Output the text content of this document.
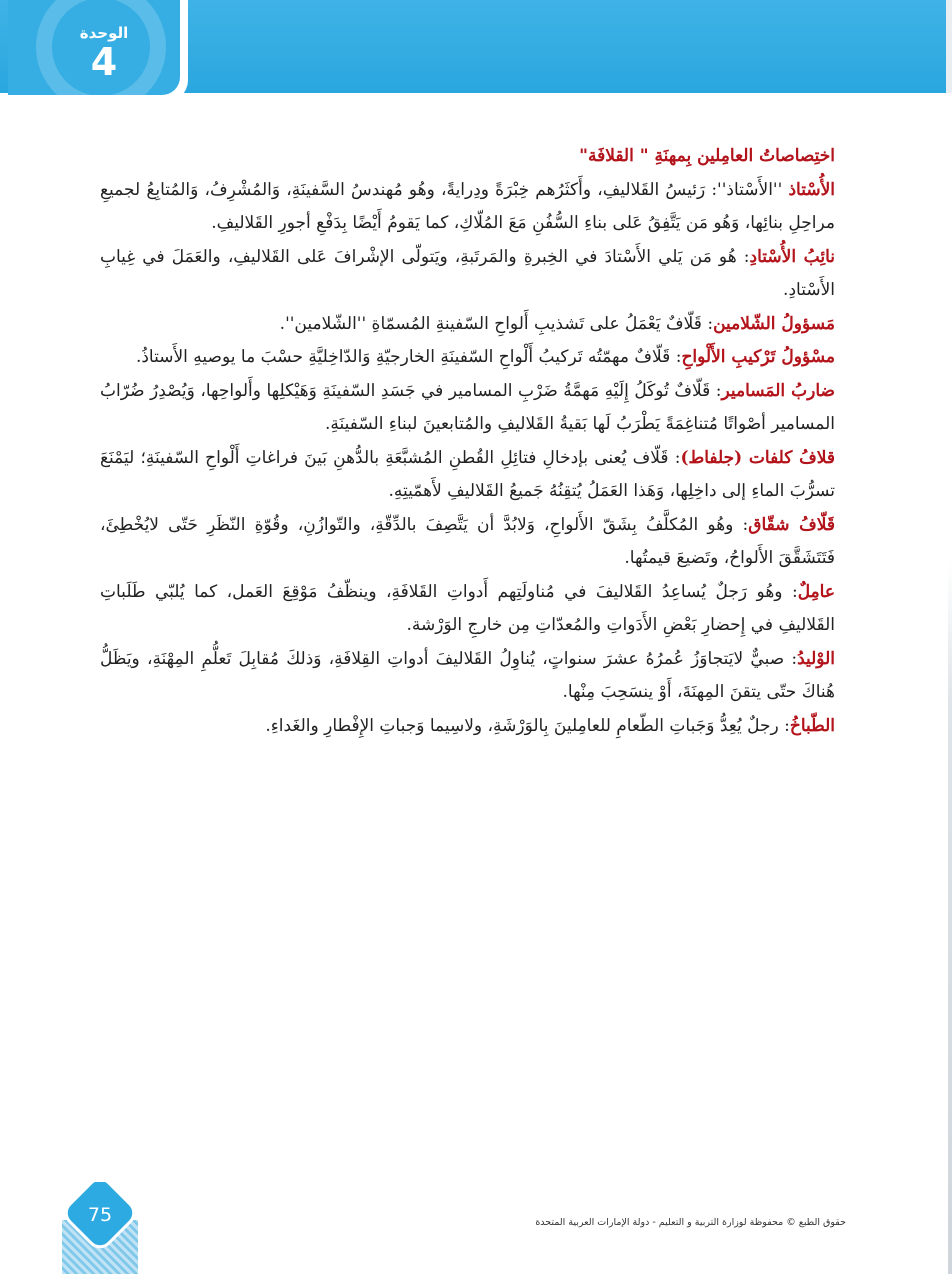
الوحدة
4

اختِصاصاتُ العامِلين بِمهنَةِ " القلافَة"

الأُسْتاذ ''الأَسْتاذ'': رَئيسُ القَلاليفِ، وأَكثَرُهم خِبْرَةً ودِرايةً، وهُو مُهندسُ السَّفينَةِ، وَالمُشْرِفُ، وَالمُتابِعُ لجميعِ مراحِلِ بنائِها، وَهُو مَن يَتَّفِقُ عَلى بناءِ السُّفُنِ مَعَ المُلّاكِ، كما يَقومُ أَيْضًا بِدَفْعِ أجورِ القَلاليفِ.

نائِبُ الأُسْتادِ: هُو مَن يَلي الأَسْتادَ في الخِبرةِ والمَرتَبةِ، ويَتولّى الإشْرافَ عَلى القَلاليفِ، والعَمَلَ في غِيابِ الأَسْتادِ.

مَسؤولُ الشّلامين: قَلّافٌ يَعْمَلُ على تَشذيبِ أَلواحِ السّفينةِ المُسمّاةِ ''الشّلامين''.

مسْؤولُ تَرْكيبِ الأَلْواحِ: قَلّافٌ مهمّتُه تَركيبُ أَلْواحِ السّفينَةِ الخارجيّةِ وَالدّاخِليَّةِ حسْبَ ما يوصيهِ الأَستاذُ.

ضاربُ المَسامير: قَلّافٌ تُوكَلُ إِلَيْهِ مَهمَّةُ ضَرْبِ المسامير في جَسَدِ السّفينَةِ وَهَيْكلِها وأَلواحِها، وَيُصْدِرُ ضُرّابُ المسامير أصْواتًا مُتناغِمَةً يَطْرَبُ لَها بَقيةُ القَلاليفِ والمُتابعينَ لبناءِ السّفينَةِ.

قلافُ كلفات (جلفاط): قَلّاف يُعنى بإدخالِ فتائِلِ القُطنِ المُشبَّعَةِ بالدُّهنِ بَينَ فراغاتِ أَلْواحِ السّفينَةِ؛ ليَمْنَعَ تسرُّبَ الماءِ إلى داخِلِها، وَهَذا العَمَلُ يُتقِنُهُ جَميعُ القَلاليفِ لأَهمّيتِهِ.

قَلّافُ شقّاق: وهُو المُكلَّفُ بِشَقّ الأَلواحِ، وَلابُدَّ أن يَتَّصِفَ بالدِّقّةِ، والتّوازُنِ، وقُوّةِ النّظَرِ حَتّى لايُخْطِئَ، فَتَتَشَقَّقَ الأَلواحُ، وتَضيعَ قيمتُها.

عامِلٌ: وهُو رَجلٌ يُساعِدُ القَلاليفَ في مُناولَتِهم أَدواتِ القَلافَةِ، وينظّفُ مَوْقِعَ العَمل، كما يُلبّي طَلَباتِ القَلاليفِ في إِحضارِ بَعْضِ الأَدَواتِ والمُعدّاتِ مِن خارجِ الوَرْشة.

الوْليدُ: صبيٌّ لايَتجاوَزُ عُمرُهُ عشرَ سنواتٍ، يُناوِلُ القَلاليفَ أدواتِ القِلافَةِ، وَذلكَ مُقابِلَ تَعلُّمِ المِهْنَةِ، ويَظَلُّ هُناكَ حتّى يتقنَ المِهنَةَ، أَوْ ينسَحِبَ مِنْها.

الطّباخُ: رجلٌ يُعِدُّ وَجَباتِ الطّعامِ للعامِلينَ بِالوَرْشَةِ، ولاسِيما وَجباتِ الإِفْطارِ والغَداءِ.

75	حقوق الطبع © محفوظة لوزارة التربية و التعليم - دولة الإمارات العربية المتحدة
